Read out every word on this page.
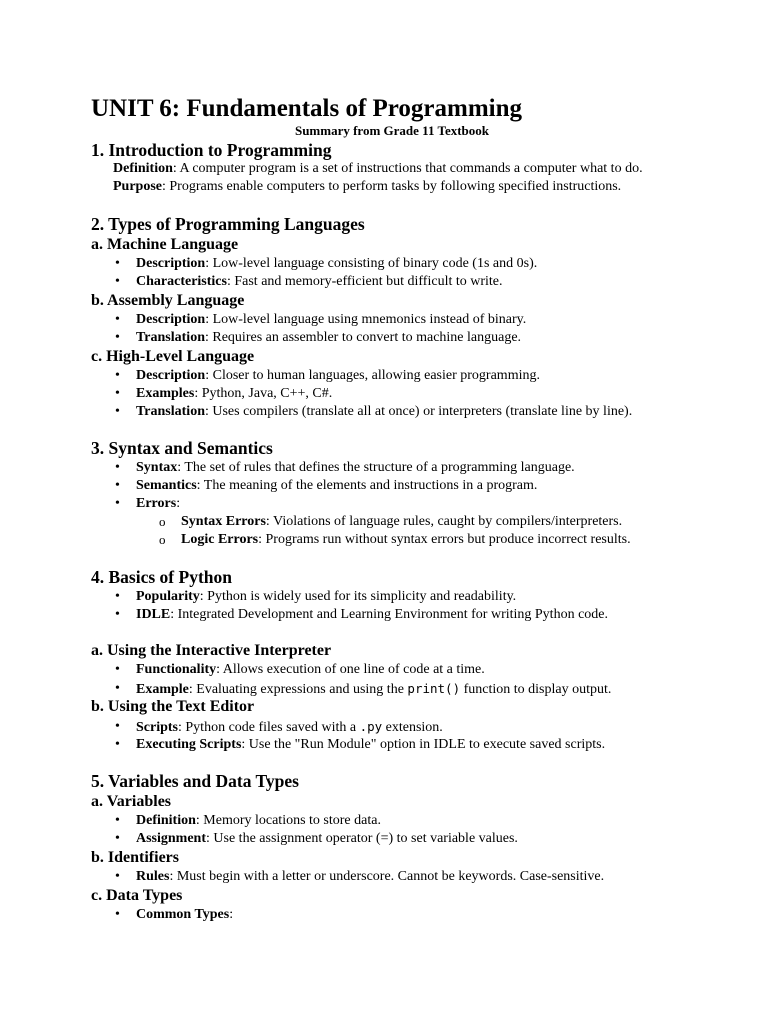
UNIT 6: Fundamentals of Programming
Summary from Grade 11 Textbook
1. Introduction to Programming
Definition: A computer program is a set of instructions that commands a computer what to do.
Purpose: Programs enable computers to perform tasks by following specified instructions.
2. Types of Programming Languages
a. Machine Language
• Description: Low-level language consisting of binary code (1s and 0s).
• Characteristics: Fast and memory-efficient but difficult to write.
b. Assembly Language
• Description: Low-level language using mnemonics instead of binary.
• Translation: Requires an assembler to convert to machine language.
c. High-Level Language
• Description: Closer to human languages, allowing easier programming.
• Examples: Python, Java, C++, C#.
• Translation: Uses compilers (translate all at once) or interpreters (translate line by line).
3. Syntax and Semantics
• Syntax: The set of rules that defines the structure of a programming language.
• Semantics: The meaning of the elements and instructions in a program.
• Errors:
o Syntax Errors: Violations of language rules, caught by compilers/interpreters.
o Logic Errors: Programs run without syntax errors but produce incorrect results.
4. Basics of Python
• Popularity: Python is widely used for its simplicity and readability.
• IDLE: Integrated Development and Learning Environment for writing Python code.
a. Using the Interactive Interpreter
• Functionality: Allows execution of one line of code at a time.
• Example: Evaluating expressions and using the print() function to display output.
b. Using the Text Editor
• Scripts: Python code files saved with a .py extension.
• Executing Scripts: Use the "Run Module" option in IDLE to execute saved scripts.
5. Variables and Data Types
a. Variables
• Definition: Memory locations to store data.
• Assignment: Use the assignment operator (=) to set variable values.
b. Identifiers
• Rules: Must begin with a letter or underscore. Cannot be keywords. Case-sensitive.
c. Data Types
• Common Types:
